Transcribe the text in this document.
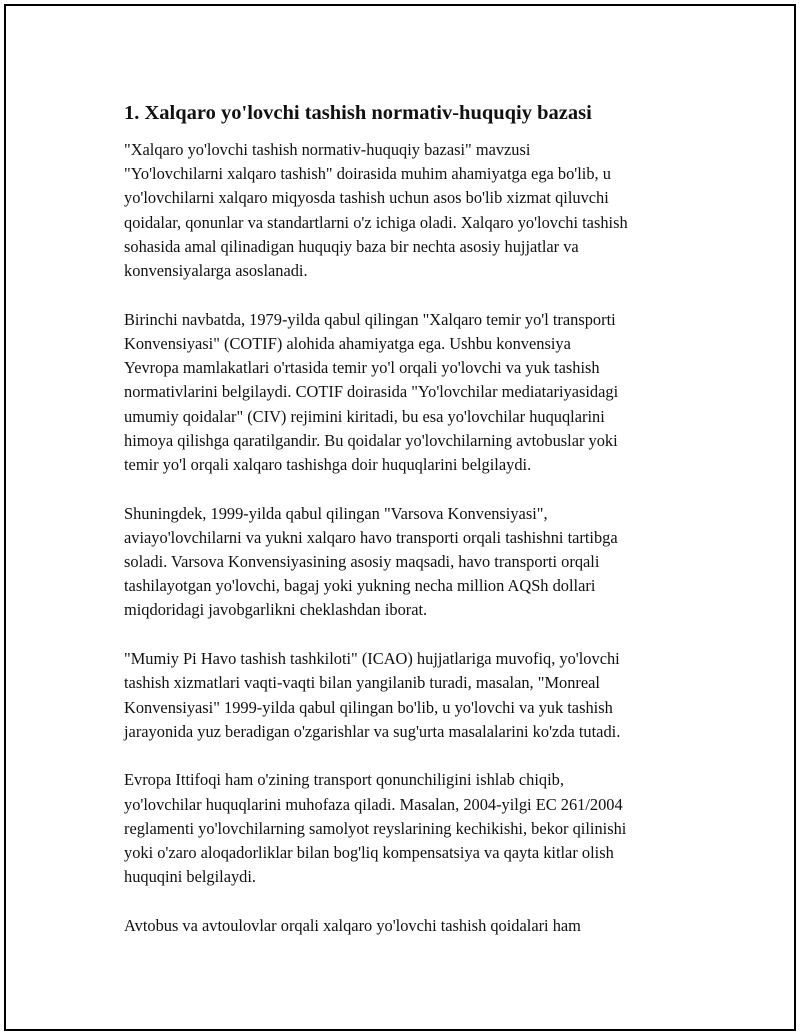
1. Xalqaro yo'lovchi tashish normativ-huquqiy bazasi
"Xalqaro yo'lovchi tashish normativ-huquqiy bazasi" mavzusi
"Yo'lovchilarni xalqaro tashish" doirasida muhim ahamiyatga ega bo'lib, u
yo'lovchilarni xalqaro miqyosda tashish uchun asos bo'lib xizmat qiluvchi
qoidalar, qonunlar va standartlarni o'z ichiga oladi. Xalqaro yo'lovchi tashish
sohasida amal qilinadigan huquqiy baza bir nechta asosiy hujjatlar va
konvensiyalarga asoslanadi.
Birinchi navbatda, 1979-yilda qabul qilingan "Xalqaro temir yo'l transporti
Konvensiyasi" (COTIF) alohida ahamiyatga ega. Ushbu konvensiya
Yevropa mamlakatlari o'rtasida temir yo'l orqali yo'lovchi va yuk tashish
normativlarini belgilaydi. COTIF doirasida "Yo'lovchilar mediatariyasidagi
umumiy qoidalar" (CIV) rejimini kiritadi, bu esa yo'lovchilar huquqlarini
himoya qilishga qaratilgandir. Bu qoidalar yo'lovchilarning avtobuslar yoki
temir yo'l orqali xalqaro tashishga doir huquqlarini belgilaydi.
Shuningdek, 1999-yilda qabul qilingan "Varsova Konvensiyasi",
aviayo'lovchilarni va yukni xalqaro havo transporti orqali tashishni tartibga
soladi. Varsova Konvensiyasining asosiy maqsadi, havo transporti orqali
tashilayotgan yo'lovchi, bagaj yoki yukning necha million AQSh dollari
miqdoridagi javobgarlikni cheklashdan iborat.
"Mumiy Pi Havo tashish tashkiloti" (ICAO) hujjatlariga muvofiq, yo'lovchi
tashish xizmatlari vaqti-vaqti bilan yangilanib turadi, masalan, "Monreal
Konvensiyasi" 1999-yilda qabul qilingan bo'lib, u yo'lovchi va yuk tashish
jarayonida yuz beradigan o'zgarishlar va sug'urta masalalarini ko'zda tutadi.
Evropa Ittifoqi ham o'zining transport qonunchiligini ishlab chiqib,
yo'lovchilar huquqlarini muhofaza qiladi. Masalan, 2004-yilgi EC 261/2004
reglamenti yo'lovchilarning samolyot reyslarining kechikishi, bekor qilinishi
yoki o'zaro aloqadorliklar bilan bog'liq kompensatsiya va qayta kitlar olish
huquqini belgilaydi.
Avtobus va avtoulovlar orqali xalqaro yo'lovchi tashish qoidalari ham
